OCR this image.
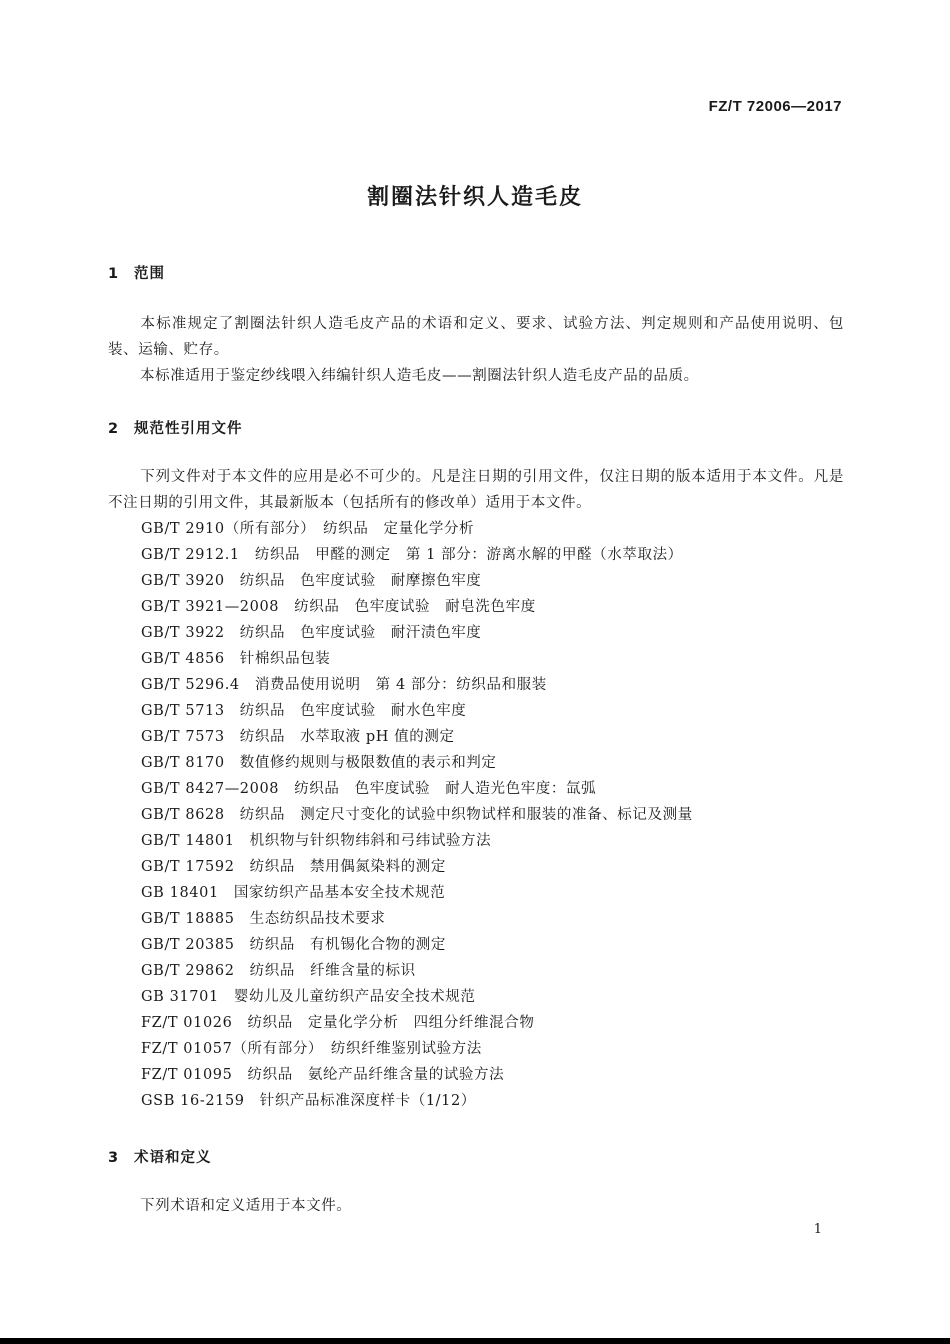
FZ/T 72006—2017
割圈法针织人造毛皮
1 范围
本标准规定了割圈法针织人造毛皮产品的术语和定义、要求、试验方法、判定规则和产品使用说明、包装、运输、贮存。
本标准适用于鉴定纱线喂入纬编针织人造毛皮——割圈法针织人造毛皮产品的品质。
2 规范性引用文件
下列文件对于本文件的应用是必不可少的。凡是注日期的引用文件，仅注日期的版本适用于本文件。凡是不注日期的引用文件，其最新版本（包括所有的修改单）适用于本文件。
GB/T 2910（所有部分）　纺织品　定量化学分析
GB/T 2912.1　纺织品　甲醛的测定　第 1 部分：游离水解的甲醛（水萃取法）
GB/T 3920　纺织品　色牢度试验　耐摩擦色牢度
GB/T 3921—2008　纺织品　色牢度试验　耐皂洗色牢度
GB/T 3922　纺织品　色牢度试验　耐汗渍色牢度
GB/T 4856　针棉织品包装
GB/T 5296.4　消费品使用说明　第 4 部分：纺织品和服装
GB/T 5713　纺织品　色牢度试验　耐水色牢度
GB/T 7573　纺织品　水萃取液 pH 值的测定
GB/T 8170　数值修约规则与极限数值的表示和判定
GB/T 8427—2008　纺织品　色牢度试验　耐人造光色牢度：氙弧
GB/T 8628　纺织品　测定尺寸变化的试验中织物试样和服装的准备、标记及测量
GB/T 14801　机织物与针织物纬斜和弓纬试验方法
GB/T 17592　纺织品　禁用偶氮染料的测定
GB 18401　国家纺织产品基本安全技术规范
GB/T 18885　生态纺织品技术要求
GB/T 20385　纺织品　有机锡化合物的测定
GB/T 29862　纺织品　纤维含量的标识
GB 31701　婴幼儿及儿童纺织产品安全技术规范
FZ/T 01026　纺织品　定量化学分析　四组分纤维混合物
FZ/T 01057（所有部分）　纺织纤维鉴别试验方法
FZ/T 01095　纺织品　氨纶产品纤维含量的试验方法
GSB 16-2159　针织产品标准深度样卡（1/12）
3 术语和定义
下列术语和定义适用于本文件。
1
